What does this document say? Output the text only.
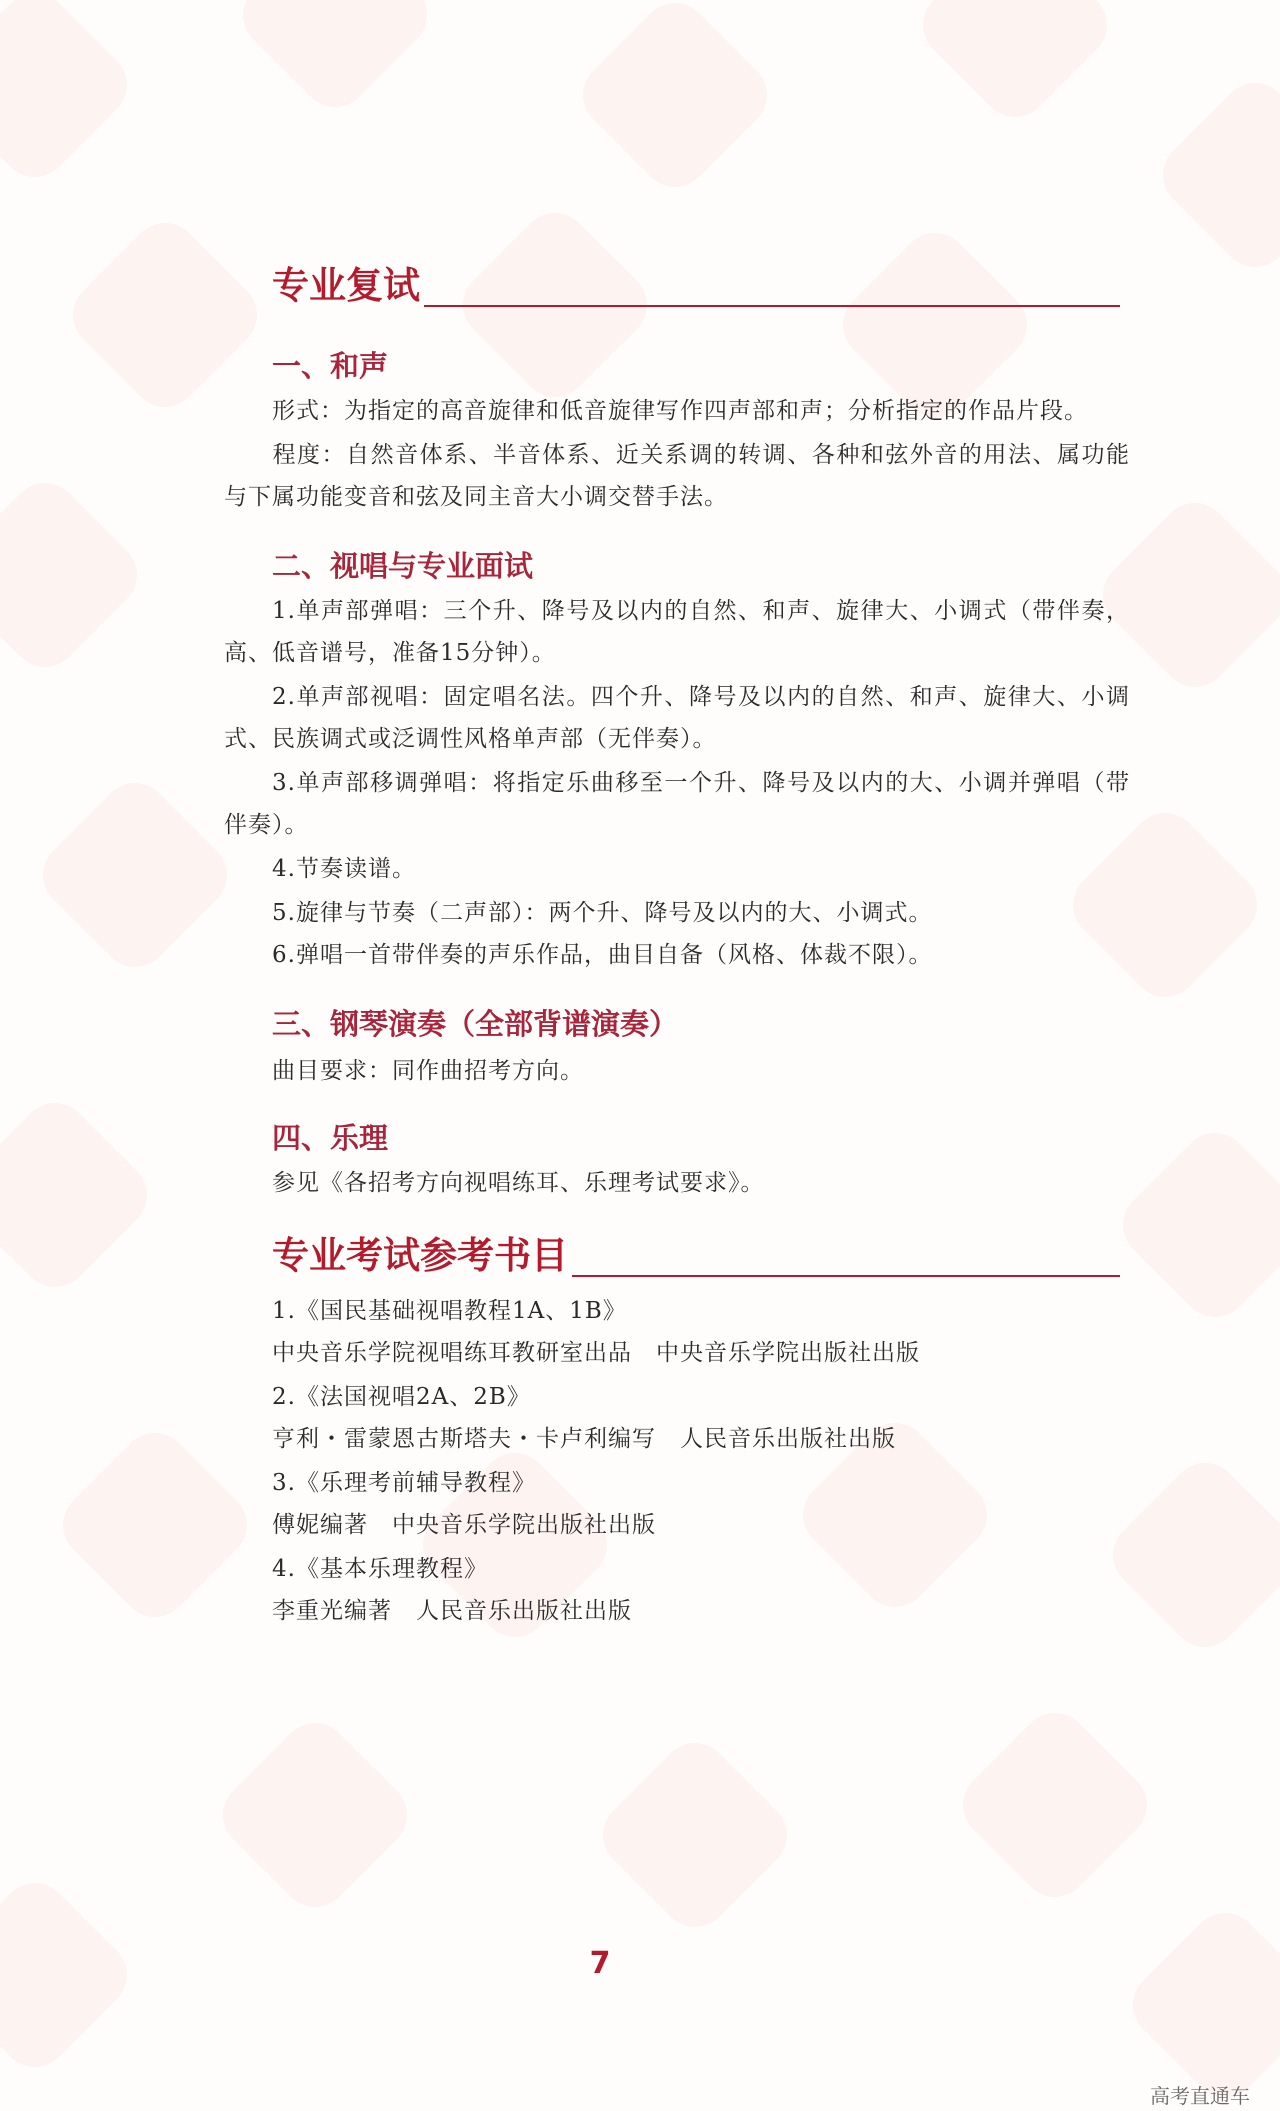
专业复试
一、和声
形式：为指定的高音旋律和低音旋律写作四声部和声；分析指定的作品片段。
程度：自然音体系、半音体系、近关系调的转调、各种和弦外音的用法、属功能与下属功能变音和弦及同主音大小调交替手法。
二、视唱与专业面试
1.单声部弹唱：三个升、降号及以内的自然、和声、旋律大、小调式（带伴奏，高、低音谱号，准备15分钟）。
2.单声部视唱：固定唱名法。四个升、降号及以内的自然、和声、旋律大、小调式、民族调式或泛调性风格单声部（无伴奏）。
3.单声部移调弹唱：将指定乐曲移至一个升、降号及以内的大、小调并弹唱（带伴奏）。
4.节奏读谱。
5.旋律与节奏（二声部）：两个升、降号及以内的大、小调式。
6.弹唱一首带伴奏的声乐作品，曲目自备（风格、体裁不限）。
三、钢琴演奏（全部背谱演奏）
曲目要求：同作曲招考方向。
四、乐理
参见《各招考方向视唱练耳、乐理考试要求》。
专业考试参考书目
1.《国民基础视唱教程1A、1B》
中央音乐学院视唱练耳教研室出品　中央音乐学院出版社出版
2.《法国视唱2A、2B》
亨利・雷蒙恩古斯塔夫・卡卢利编写　人民音乐出版社出版
3.《乐理考前辅导教程》
傅妮编著　中央音乐学院出版社出版
4.《基本乐理教程》
李重光编著　人民音乐出版社出版
7
高考直通车
